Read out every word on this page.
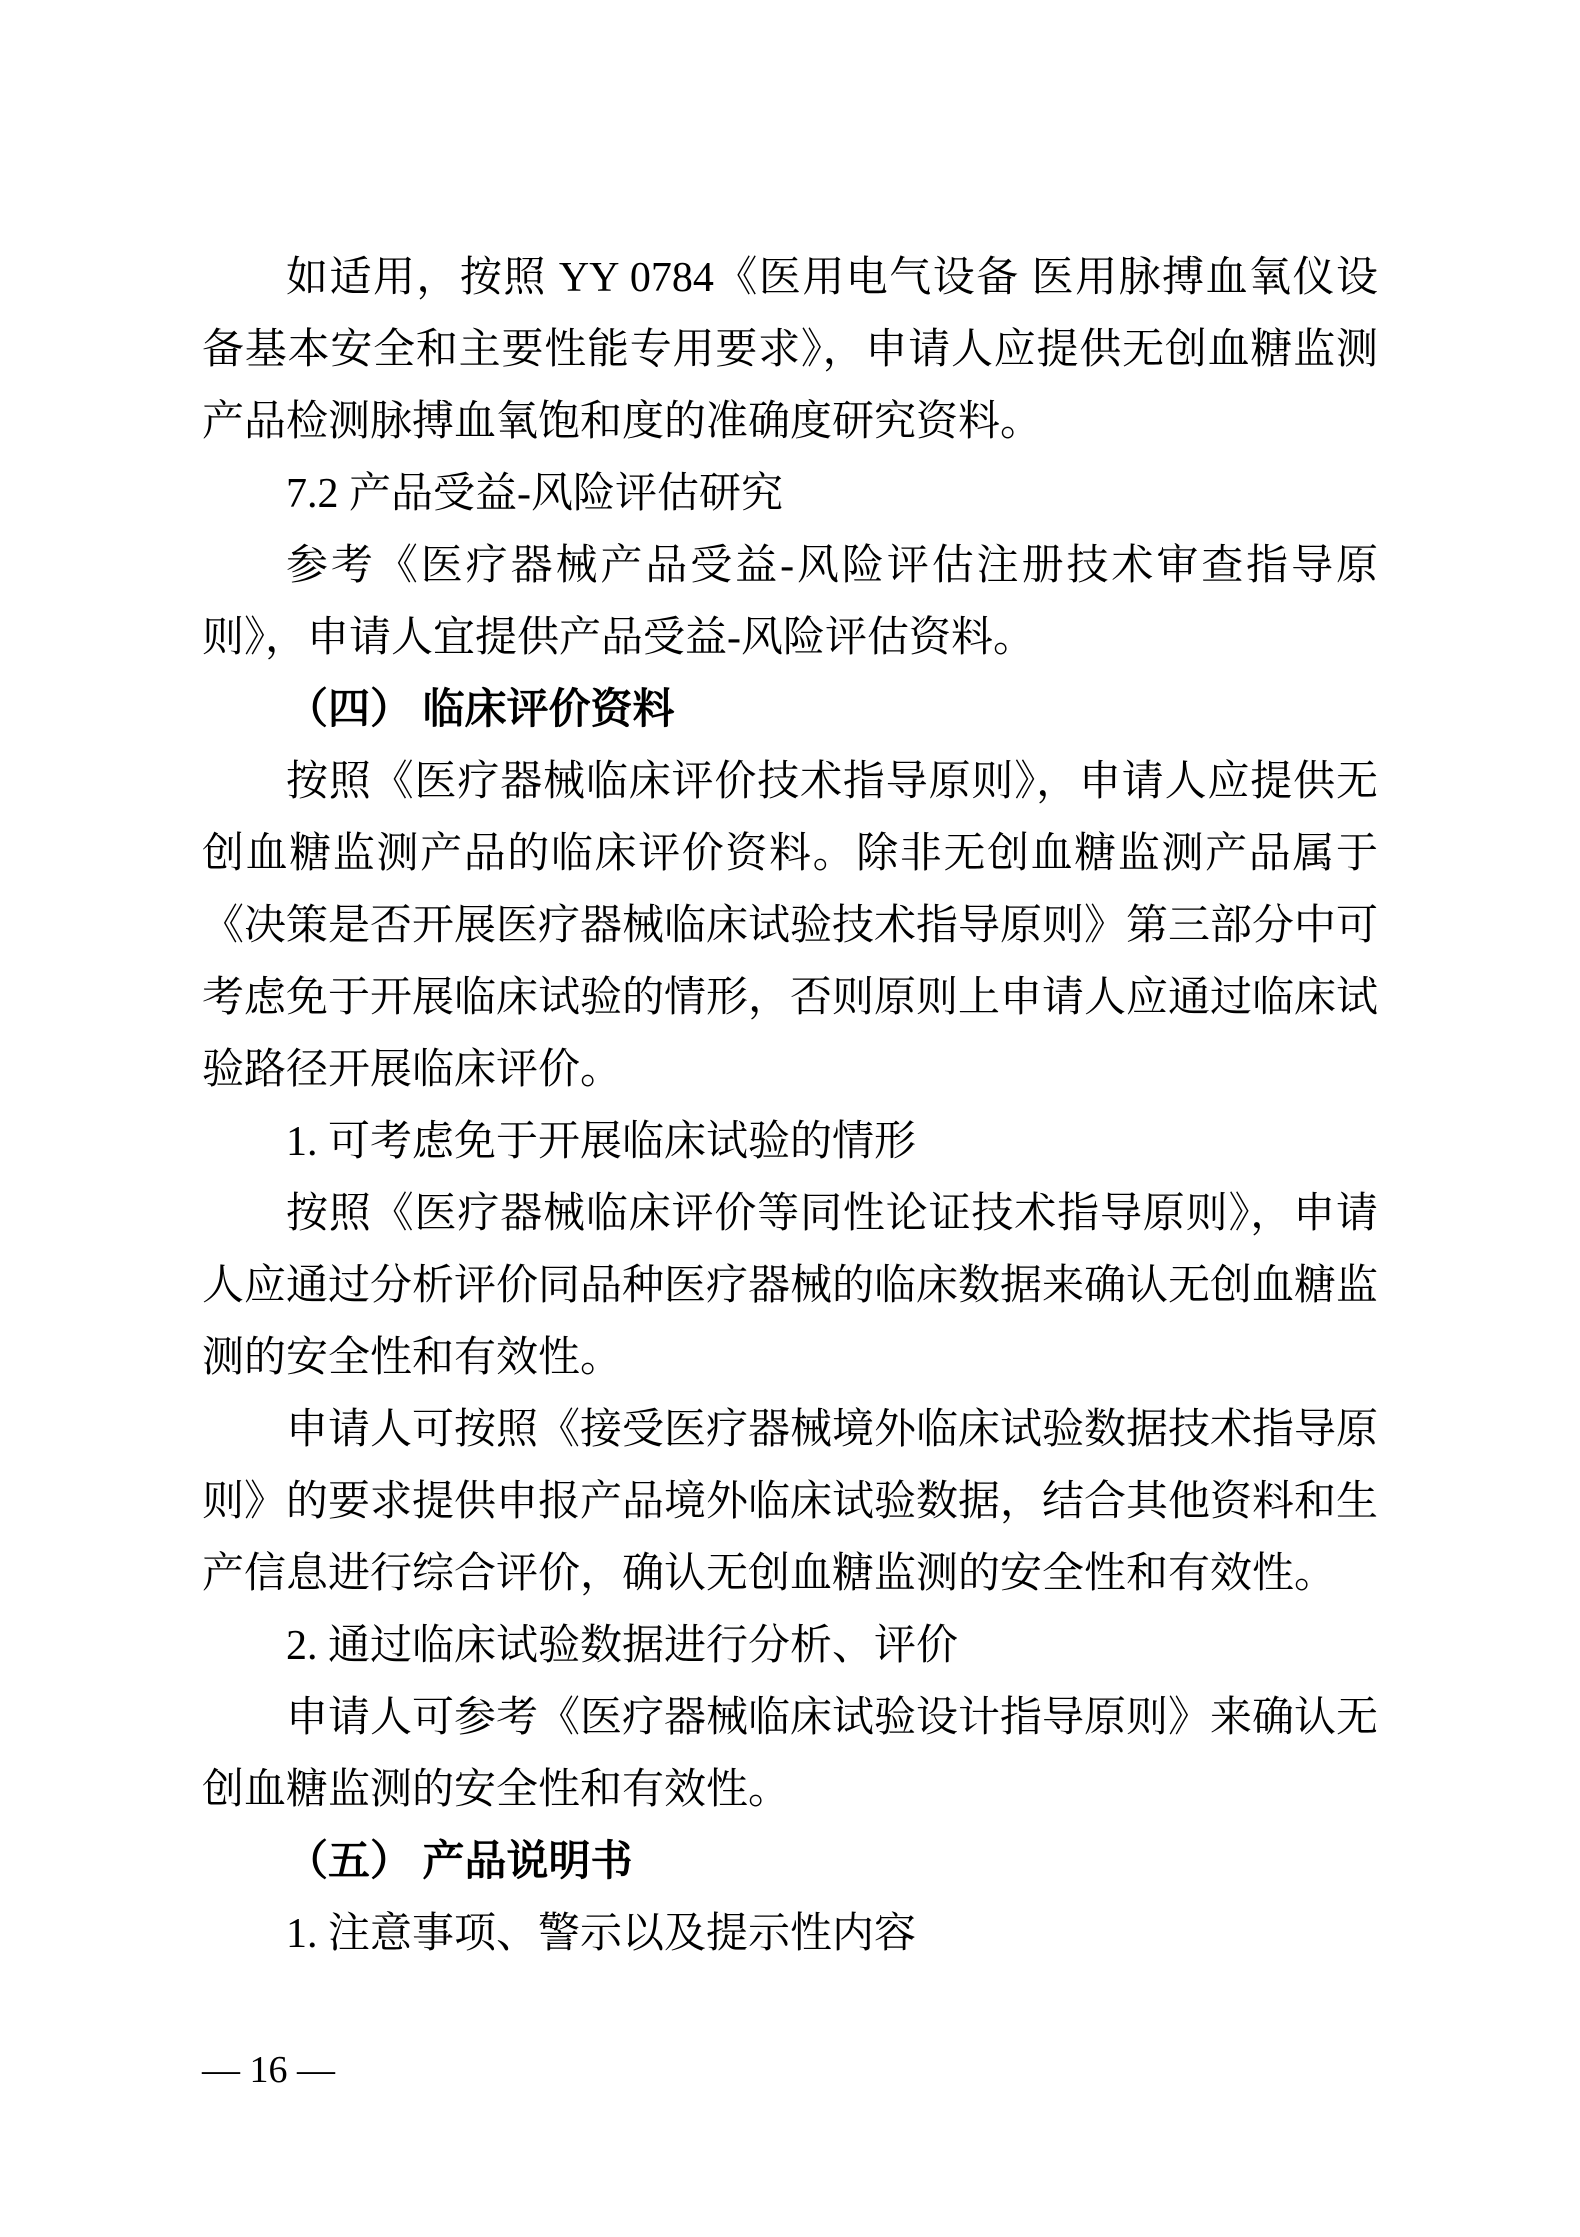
如适用，按照 YY 0784《医用电气设备 医用脉搏血氧仪设备基本安全和主要性能专用要求》，申请人应提供无创血糖监测产品检测脉搏血氧饱和度的准确度研究资料。

7.2 产品受益-风险评估研究

参考《医疗器械产品受益-风险评估注册技术审查指导原则》，申请人宜提供产品受益-风险评估资料。

（四） 临床评价资料

按照《医疗器械临床评价技术指导原则》，申请人应提供无创血糖监测产品的临床评价资料。除非无创血糖监测产品属于《决策是否开展医疗器械临床试验技术指导原则》第三部分中可考虑免于开展临床试验的情形，否则原则上申请人应通过临床试验路径开展临床评价。

1. 可考虑免于开展临床试验的情形

按照《医疗器械临床评价等同性论证技术指导原则》，申请人应通过分析评价同品种医疗器械的临床数据来确认无创血糖监测的安全性和有效性。

申请人可按照《接受医疗器械境外临床试验数据技术指导原则》的要求提供申报产品境外临床试验数据，结合其他资料和生产信息进行综合评价，确认无创血糖监测的安全性和有效性。

2. 通过临床试验数据进行分析、评价

申请人可参考《医疗器械临床试验设计指导原则》来确认无创血糖监测的安全性和有效性。

（五） 产品说明书

1. 注意事项、警示以及提示性内容

— 16 —
